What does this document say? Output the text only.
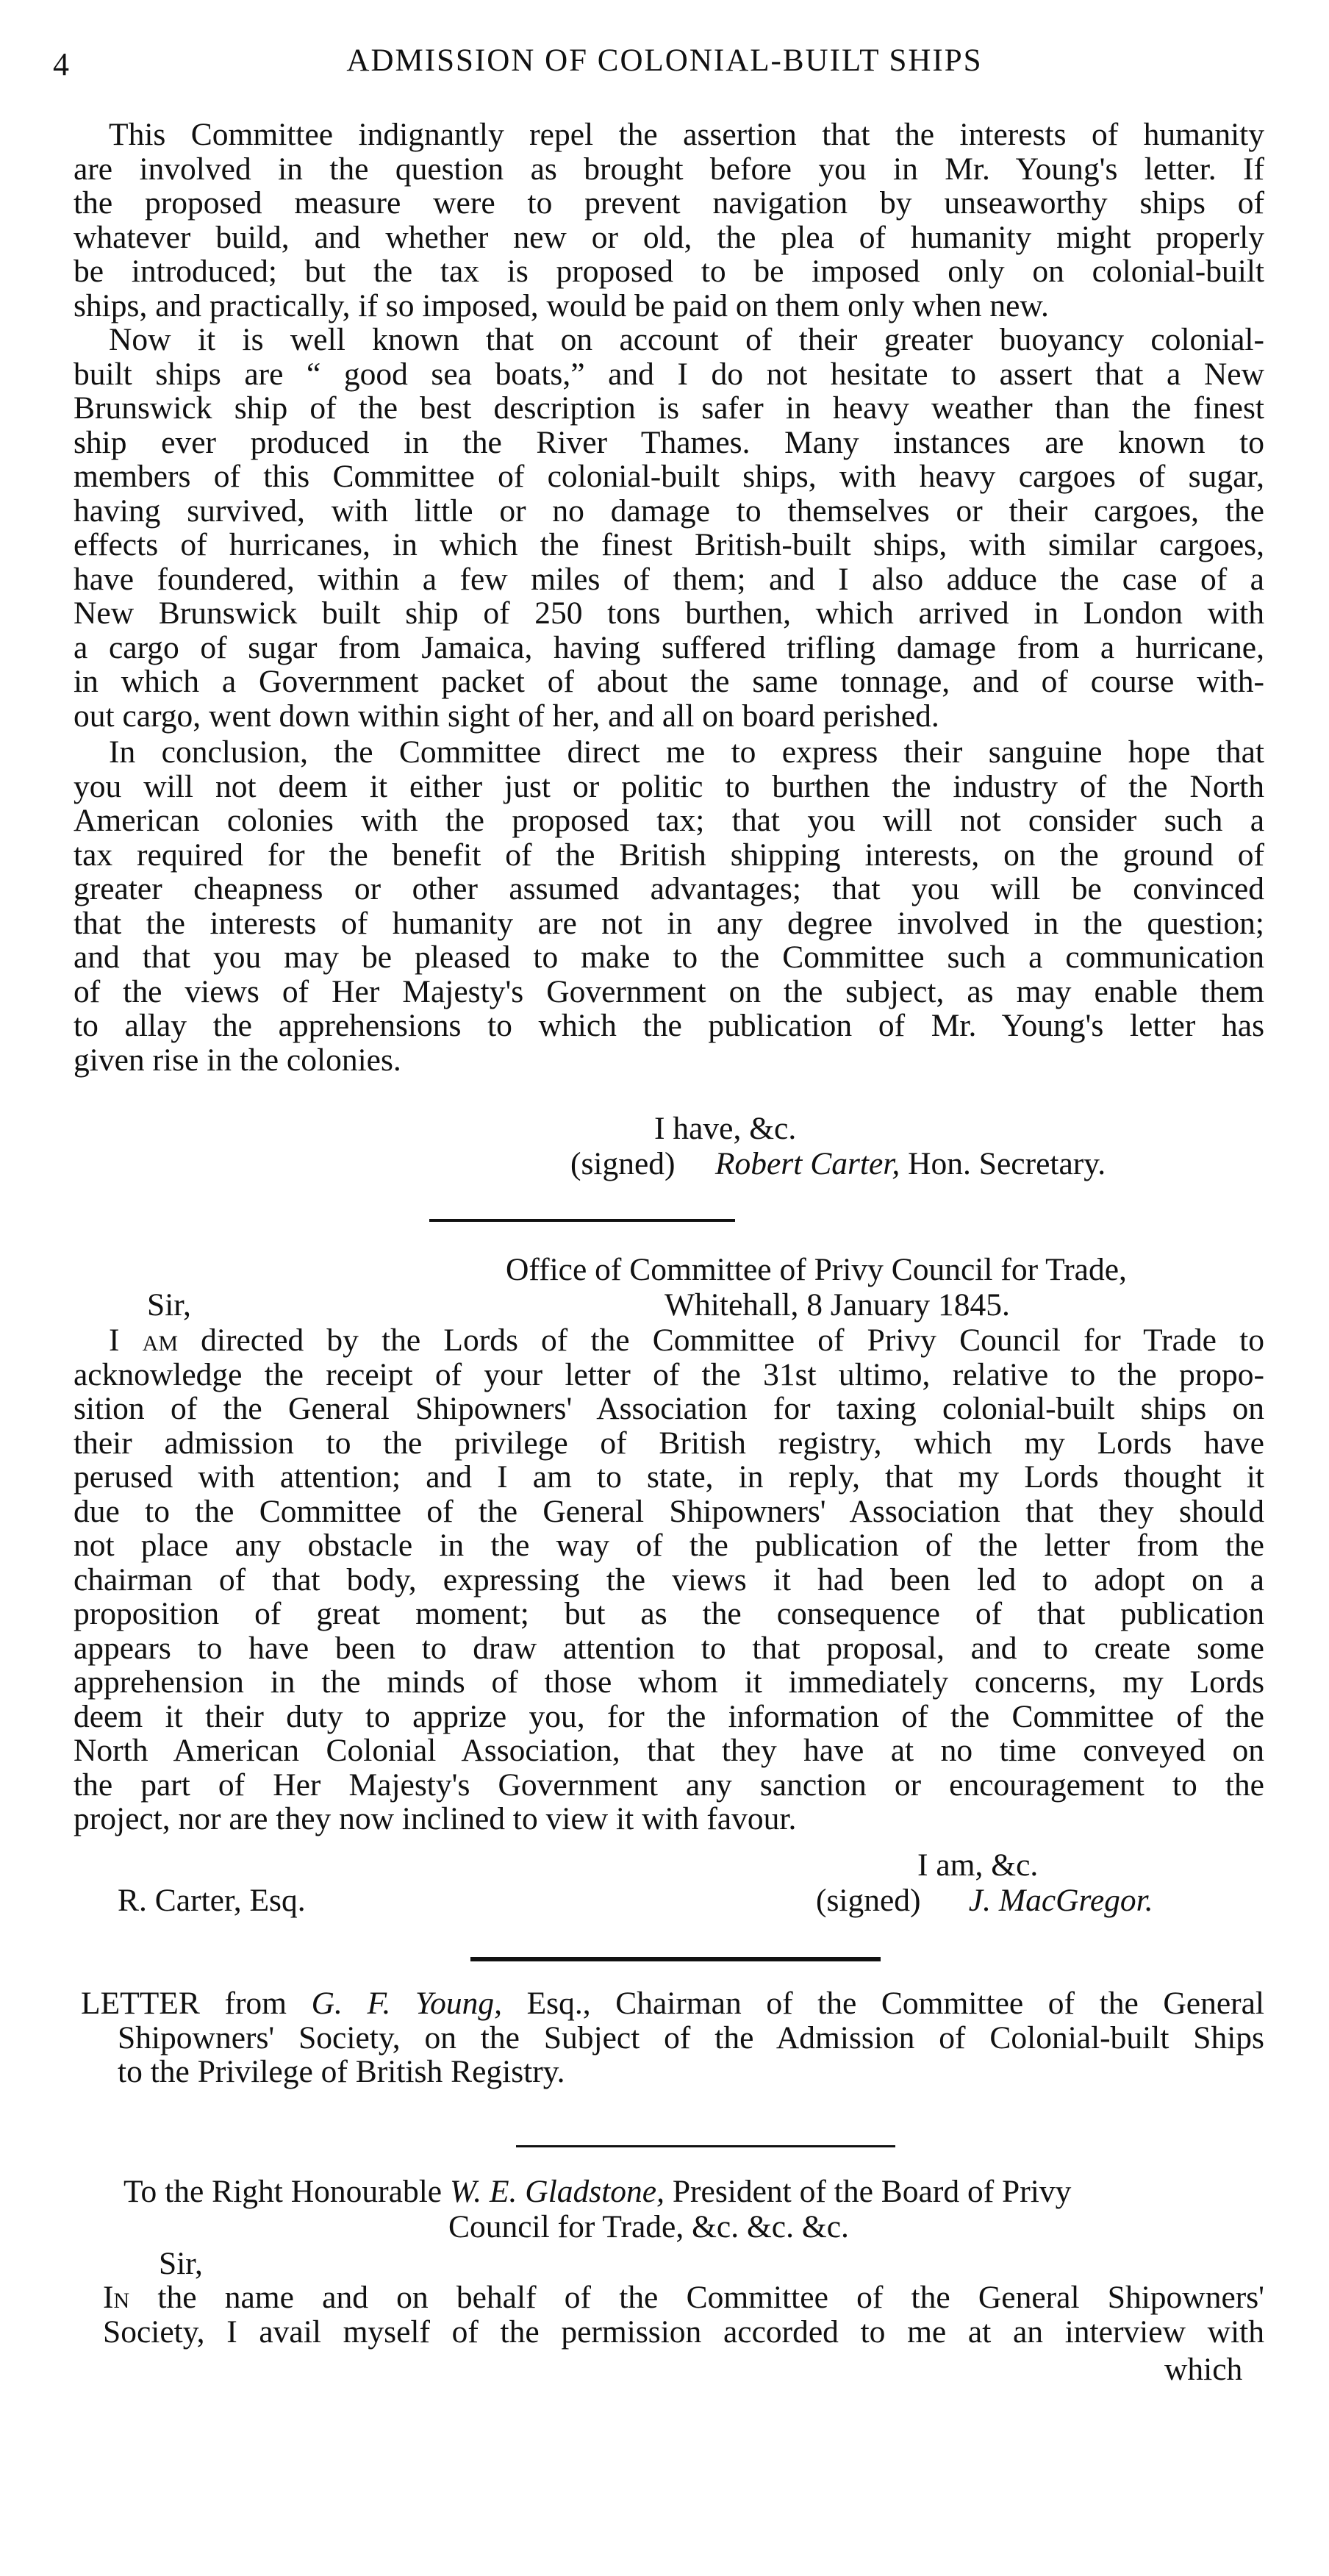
4	ADMISSION OF COLONIAL-BUILT SHIPS
This Committee indignantly repel the assertion that the interests of humanity
are involved in the question as brought before you in Mr. Young's letter. If
the proposed measure were to prevent navigation by unseaworthy ships of
whatever build, and whether new or old, the plea of humanity might properly
be introduced; but the tax is proposed to be imposed only on colonial-built
ships, and practically, if so imposed, would be paid on them only when new.
Now it is well known that on account of their greater buoyancy colonial-
built ships are “ good sea boats,” and I do not hesitate to assert that a New
Brunswick ship of the best description is safer in heavy weather than the finest
ship ever produced in the River Thames. Many instances are known to
members of this Committee of colonial-built ships, with heavy cargoes of sugar,
having survived, with little or no damage to themselves or their cargoes, the
effects of hurricanes, in which the finest British-built ships, with similar cargoes,
have foundered, within a few miles of them; and I also adduce the case of a
New Brunswick built ship of 250 tons burthen, which arrived in London with
a cargo of sugar from Jamaica, having suffered trifling damage from a hurricane,
in which a Government packet of about the same tonnage, and of course with-
out cargo, went down within sight of her, and all on board perished.
In conclusion, the Committee direct me to express their sanguine hope that
you will not deem it either just or politic to burthen the industry of the North
American colonies with the proposed tax; that you will not consider such a
tax required for the benefit of the British shipping interests, on the ground of
greater cheapness or other assumed advantages; that you will be convinced
that the interests of humanity are not in any degree involved in the question;
and that you may be pleased to make to the Committee such a communication
of the views of Her Majesty's Government on the subject, as may enable them
to allay the apprehensions to which the publication of Mr. Young's letter has
given rise in the colonies.
I have, &c.
(signed) Robert Carter, Hon. Secretary.
Office of Committee of Privy Council for Trade,
Sir,	Whitehall, 8 January 1845.
I am directed by the Lords of the Committee of Privy Council for Trade to
acknowledge the receipt of your letter of the 31st ultimo, relative to the propo-
sition of the General Shipowners' Association for taxing colonial-built ships on
their admission to the privilege of British registry, which my Lords have
perused with attention; and I am to state, in reply, that my Lords thought it
due to the Committee of the General Shipowners' Association that they should
not place any obstacle in the way of the publication of the letter from the
chairman of that body, expressing the views it had been led to adopt on a
proposition of great moment; but as the consequence of that publication
appears to have been to draw attention to that proposal, and to create some
apprehension in the minds of those whom it immediately concerns, my Lords
deem it their duty to apprize you, for the information of the Committee of the
North American Colonial Association, that they have at no time conveyed on
the part of Her Majesty's Government any sanction or encouragement to the
project, nor are they now inclined to view it with favour.
I am, &c.
R. Carter, Esq.	(signed) J. MacGregor.
LETTER from G. F. Young, Esq., Chairman of the Committee of the General
Shipowners' Society, on the Subject of the Admission of Colonial-built Ships
to the Privilege of British Registry.
To the Right Honourable W. E. Gladstone, President of the Board of Privy
Council for Trade, &c. &c. &c.
Sir,
In the name and on behalf of the Committee of the General Shipowners'
Society, I avail myself of the permission accorded to me at an interview with
which
